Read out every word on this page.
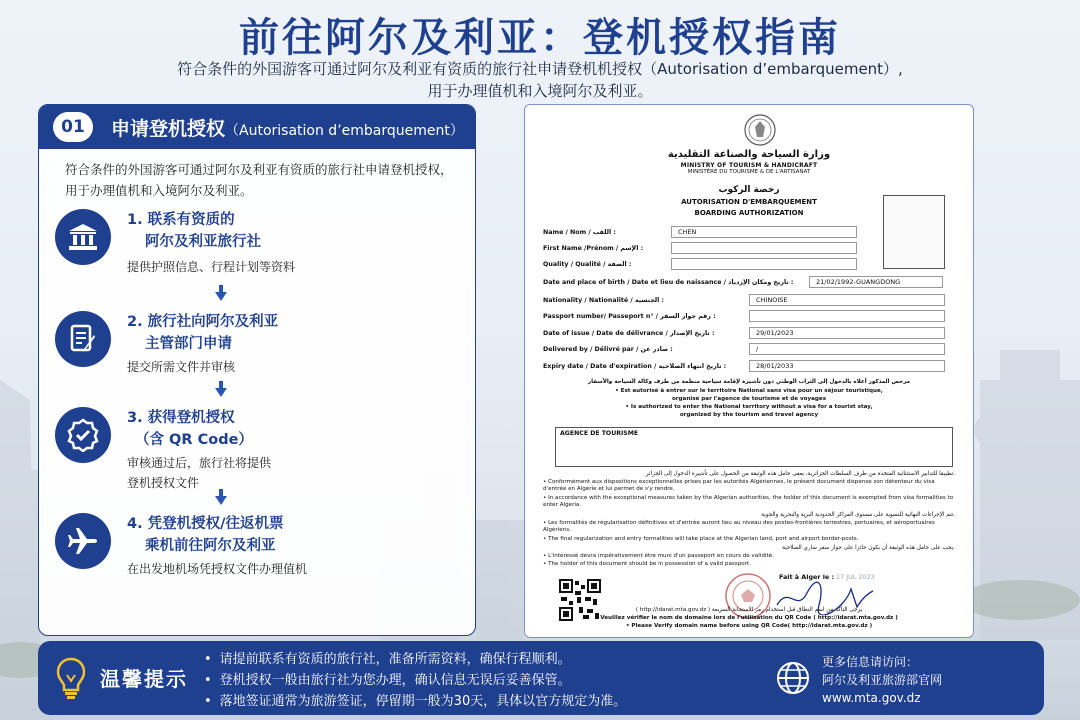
前往阿尔及利亚：登机授权指南
符合条件的外国游客可通过阿尔及利亚有资质的旅行社申请登机机授权（Autorisation d’embarquement）,
用于办理值机和入境阿尔及利亚。
01	申请登机授权（Autorisation d’embarquement）
符合条件的外国游客可通过阿尔及利亚有资质的旅行社申请登机授权，
用于办理值机和入境阿尔及利亚。
1. 联系有资质的
阿尔及利亚旅行社
提供护照信息、行程计划等资料
2. 旅行社向阿尔及利亚
主管部门申请
提交所需文件并审核
3. 获得登机授权
（含 QR Code）
审核通过后，旅行社将提供
登机授权文件
4. 凭登机授权/往返机票
乘机前往阿尔及利亚
在出发地机场凭授权文件办理值机
وزارة السياحة والصناعة التقليدية
MINISTRY OF TOURISM & HANDICRAFT
MINISTÈRE DU TOURISME & DE L'ARTISANAT
رخصة الركوب
AUTORISATION D'EMBARQUEMENT
BOARDING AUTHORIZATION
Name / Nom / اللقب :	CHEN
First Name /Prénom / الإسم :
Quality / Qualité / الصفة :
Date and place of birth / Date et lieu de naissance / تاريخ ومكان الإزدياد :	21/02/1992-GUANGDONG
Nationality / Nationalité / الجنسية :	CHINOISE
Passport number/ Passeport n° / رقم جواز السفر :
Date of issue / Date de délivrance / تاريخ الإصدار :	29/01/2023
Delivered by / Délivré par / صادر عن :	/
Expiry date / Date d'expiration / تاريخ انتهاء الصلاحية :	28/01/2033
مرخص المذكور أعلاه بالدخول إلى التراب الوطني دون تأشيرة لإقامة سياحية منظمة من طرف وكالة السياحة والأسفار
• Est autorisé à entrer sur le territoire National sans visa pour un séjour touristique,
organisé par l'agence de tourisme et de voyages
• Is authorized to enter the National territory without a visa for a tourist stay,
organized by the tourism and travel agency
AGENCE DE TOURISME
تطبيقا للتدابير الاستثنائية المتخذة من طرف السلطات الجزائرية، يعفى حامل هذه الوثيقة من الحصول على تأشيرة الدخول إلى الجزائر.
• Conformément aux dispositions exceptionnelles prises par les autorités Algériennes, le présent document dispense son détenteur du visa d'entrée en Algérie et lui permet de s'y rendre.
• In accordance with the exceptional measures taken by the Algerian authorities, the holder of this document is exempted from visa formalities to enter Algeria.
تتم الإجراءات النهائية للتسوية على مستوى المراكز الحدودية البرية والبحرية والجوية.
• Les formalités de régularisation définitives et d'entrée auront lieu au niveau des postes-frontières terrestres, portuaires, et aéroportuaires Algériens.
• The final regularization and entry formalities will take place at the Algerian land, port and airport border-posts.
يجب على حامل هذه الوثيقة أن يكون حائزا على جواز سفر ساري الصلاحية.
• L'intéressé devra impérativement être muni d'un passeport en cours de validité.
• The holder of this document should be in possession of a valid passport.
Fait à Alger le : 17 JUL 2023
( http://idarat.mta.gov.dz ) يرجى التأكد من اسم النطاق قبل استخدام رمز الاستجابة السريعة
Veuillez vérifier le nom de domaine lors de l'utilisation du QR Code ( http://idarat.mta.gov.dz )
• Please Verify domain name before using QR Code( http://idarat.mta.gov.dz )
温馨提示
• 请提前联系有资质的旅行社，准备所需资料，确保行程顺利。
• 登机授权一般由旅行社为您办理，确认信息无误后妥善保管。
• 落地签证通常为旅游签证，停留期一般为30天，具体以官方规定为准。
更多信息请访问：
阿尔及利亚旅游部官网
www.mta.gov.dz
